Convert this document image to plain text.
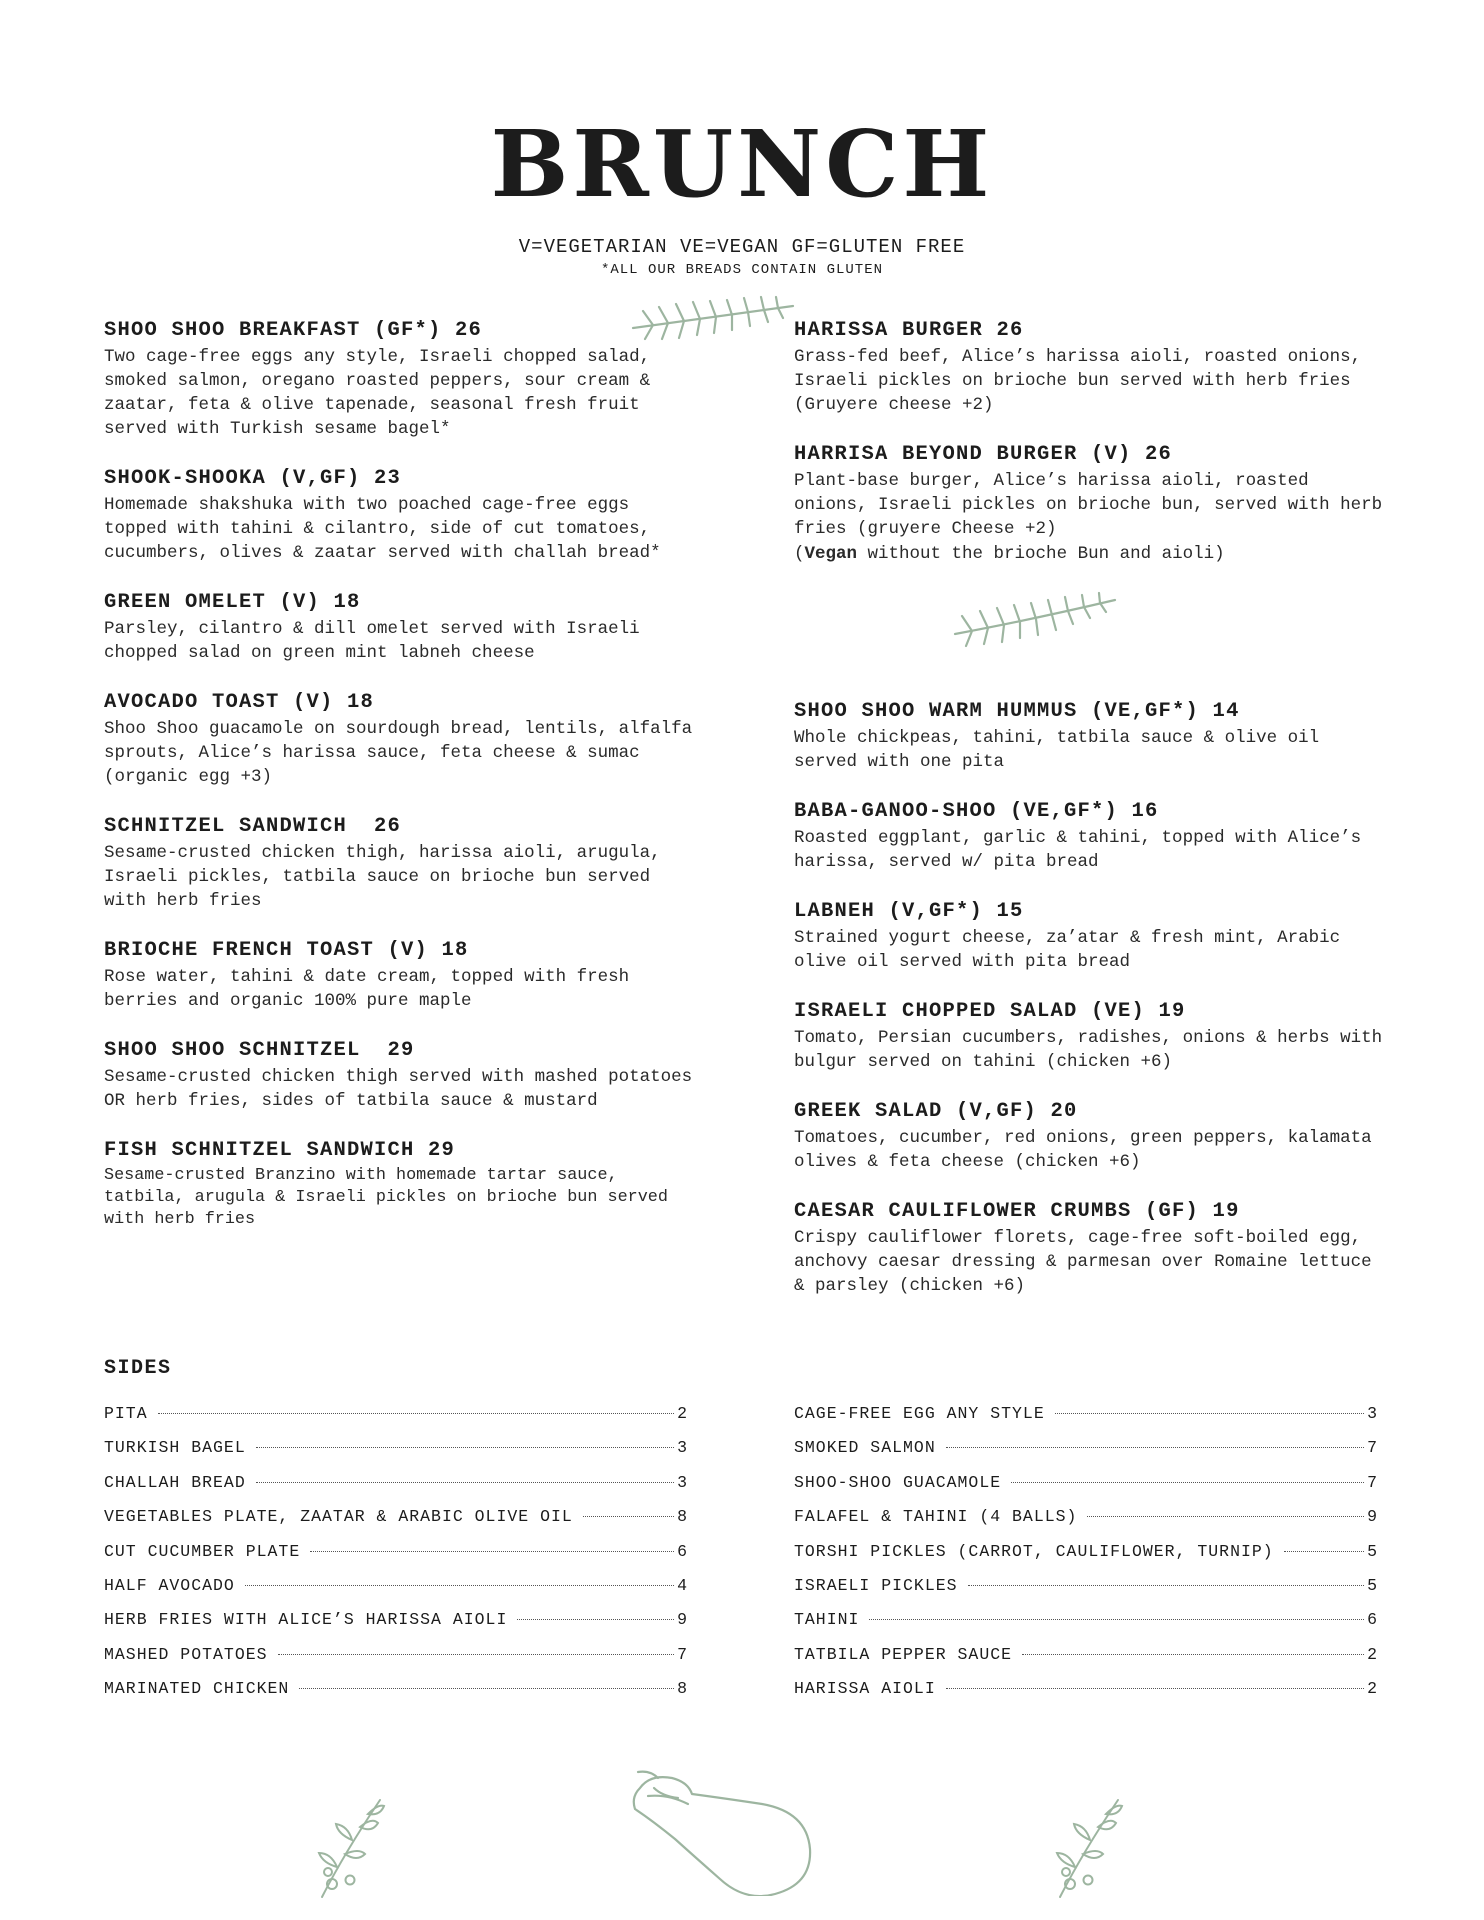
BRUNCH
V=VEGETARIAN VE=VEGAN GF=GLUTEN FREE
*ALL OUR BREADS CONTAIN GLUTEN
SHOO SHOO BREAKFAST (GF*) 26
Two cage-free eggs any style, Israeli chopped salad, smoked salmon, oregano roasted peppers, sour cream & zaatar, feta & olive tapenade, seasonal fresh fruit served with Turkish sesame bagel*
SHOOK-SHOOKA (V,GF) 23
Homemade shakshuka with two poached cage-free eggs topped with tahini & cilantro, side of cut tomatoes, cucumbers, olives & zaatar served with challah bread*
GREEN OMELET (V) 18
Parsley, cilantro & dill omelet served with Israeli chopped salad on green mint labneh cheese
AVOCADO TOAST (V) 18
Shoo Shoo guacamole on sourdough bread, lentils, alfalfa sprouts, Alice’s harissa sauce, feta cheese & sumac (organic egg +3)
SCHNITZEL SANDWICH  26
Sesame-crusted chicken thigh, harissa aioli, arugula, Israeli pickles, tatbila sauce on brioche bun served with herb fries
BRIOCHE FRENCH TOAST (V) 18
Rose water, tahini & date cream, topped with fresh berries and organic 100% pure maple
SHOO SHOO SCHNITZEL  29
Sesame-crusted chicken thigh served with mashed potatoes OR herb fries, sides of tatbila sauce & mustard
FISH SCHNITZEL SANDWICH 29
Sesame-crusted Branzino with homemade tartar sauce, tatbila, arugula & Israeli pickles on brioche bun served with herb fries
HARISSA BURGER 26
Grass-fed beef, Alice’s harissa aioli, roasted onions, Israeli pickles on brioche bun served with herb fries (Gruyere cheese +2)
HARRISA BEYOND BURGER (V) 26
Plant-base burger, Alice’s harissa aioli, roasted onions, Israeli pickles on brioche bun, served with herb fries (gruyere Cheese +2)
(Vegan without the brioche Bun and aioli)
SHOO SHOO WARM HUMMUS (VE,GF*) 14
Whole chickpeas, tahini, tatbila sauce & olive oil served with one pita
BABA-GANOO-SHOO (VE,GF*) 16
Roasted eggplant, garlic & tahini, topped with Alice’s harissa, served w/ pita bread
LABNEH (V,GF*) 15
Strained yogurt cheese, za’atar & fresh mint, Arabic olive oil served with pita bread
ISRAELI CHOPPED SALAD (VE) 19
Tomato, Persian cucumbers, radishes, onions & herbs with bulgur served on tahini (chicken +6)
GREEK SALAD (V,GF) 20
Tomatoes, cucumber, red onions, green peppers, kalamata olives & feta cheese (chicken +6)
CAESAR CAULIFLOWER CRUMBS (GF) 19
Crispy cauliflower florets, cage-free soft-boiled egg, anchovy caesar dressing & parmesan over Romaine lettuce & parsley (chicken +6)
SIDES
PITA	2
TURKISH BAGEL	3
CHALLAH BREAD	3
VEGETABLES PLATE, ZAATAR & ARABIC OLIVE OIL	8
CUT CUCUMBER PLATE	6
HALF AVOCADO	4
HERB FRIES WITH ALICE’S HARISSA AIOLI	9
MASHED POTATOES	7
MARINATED CHICKEN	8
CAGE-FREE EGG ANY STYLE	3
SMOKED SALMON	7
SHOO-SHOO GUACAMOLE	7
FALAFEL & TAHINI (4 BALLS)	9
TORSHI PICKLES (CARROT, CAULIFLOWER, TURNIP)	5
ISRAELI PICKLES	5
TAHINI	6
TATBILA PEPPER SAUCE	2
HARISSA AIOLI	2
